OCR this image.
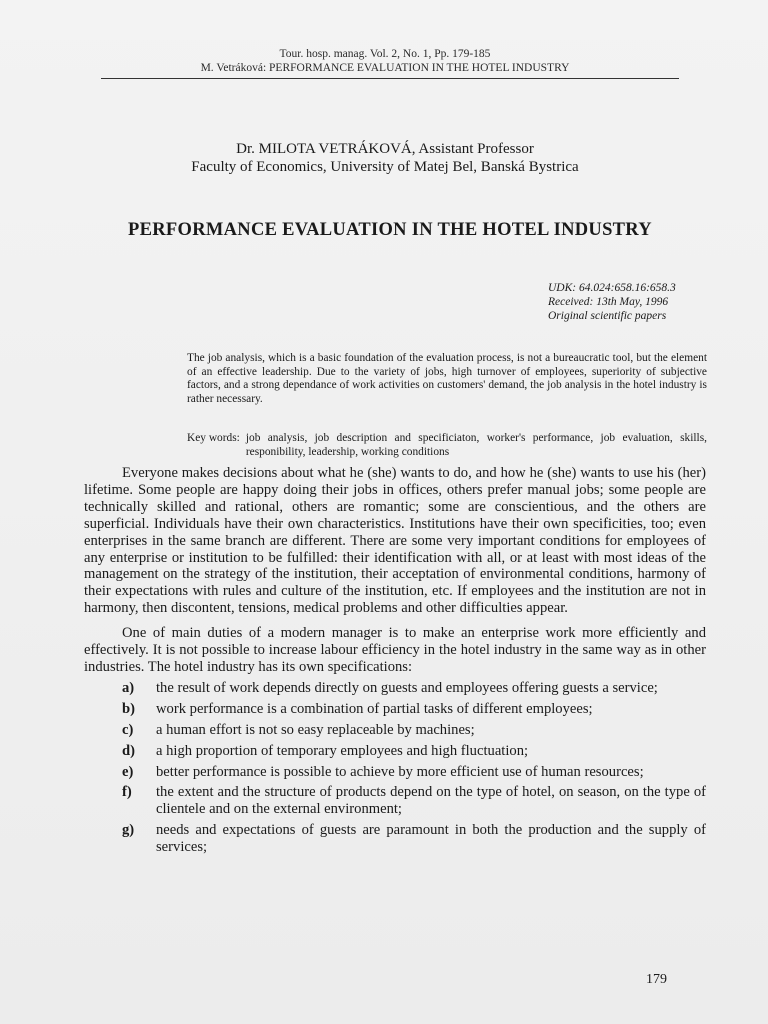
Tour. hosp. manag. Vol. 2, No. 1, Pp. 179-185
M. Vetráková: PERFORMANCE EVALUATION IN THE HOTEL INDUSTRY
Dr. MILOTA VETRÁKOVÁ, Assistant Professor
Faculty of Economics, University of Matej Bel, Banská Bystrica
PERFORMANCE EVALUATION IN THE HOTEL INDUSTRY
UDK: 64.024:658.16:658.3
Received: 13th May, 1996
Original scientific papers
The job analysis, which is a basic foundation of the evaluation process, is not a bureaucratic tool, but the element of an effective leadership. Due to the variety of jobs, high turnover of employees, superiority of subjective factors, and a strong dependance of work activities on customers' demand, the job analysis in the hotel industry is rather necessary.
Key words: job analysis, job description and specificiaton, worker's performance, job evaluation, skills, responibility, leadership, working conditions

Everyone makes decisions about what he (she) wants to do, and how he (she) wants to use his (her) lifetime. Some people are happy doing their jobs in offices, others prefer manual jobs; some people are technically skilled and rational, others are romantic; some are conscientious, and the others are superficial. Individuals have their own characteristics. Institutions have their own specificities, too; even enterprises in the same branch are different. There are some very important conditions for employees of any enterprise or institution to be fulfilled: their identification with all, or at least with most ideas of the management on the strategy of the institution, their acceptation of environmental conditions, harmony of their expectations with rules and culture of the institution, etc. If employees and the institution are not in harmony, then discontent, tensions, medical problems and other difficulties appear.

One of main duties of a modern manager is to make an enterprise work more efficiently and effectively. It is not possible to increase labour efficiency in the hotel industry in the same way as in other industries. The hotel industry has its own specifications:

a)	the result of work depends directly on guests and employees offering guests a service;
b)	work performance is a combination of partial tasks of different employees;
c)	a human effort is not so easy replaceable by machines;
d)	a high proportion of temporary employees and high fluctuation;
e)	better performance is possible to achieve by more efficient use of human resources;
f)	the extent and the structure of products depend on the type of hotel, on season, on the type of clientele and on the external environment;
g)	needs and expectations of guests are paramount in both the production and the supply of services;
179
